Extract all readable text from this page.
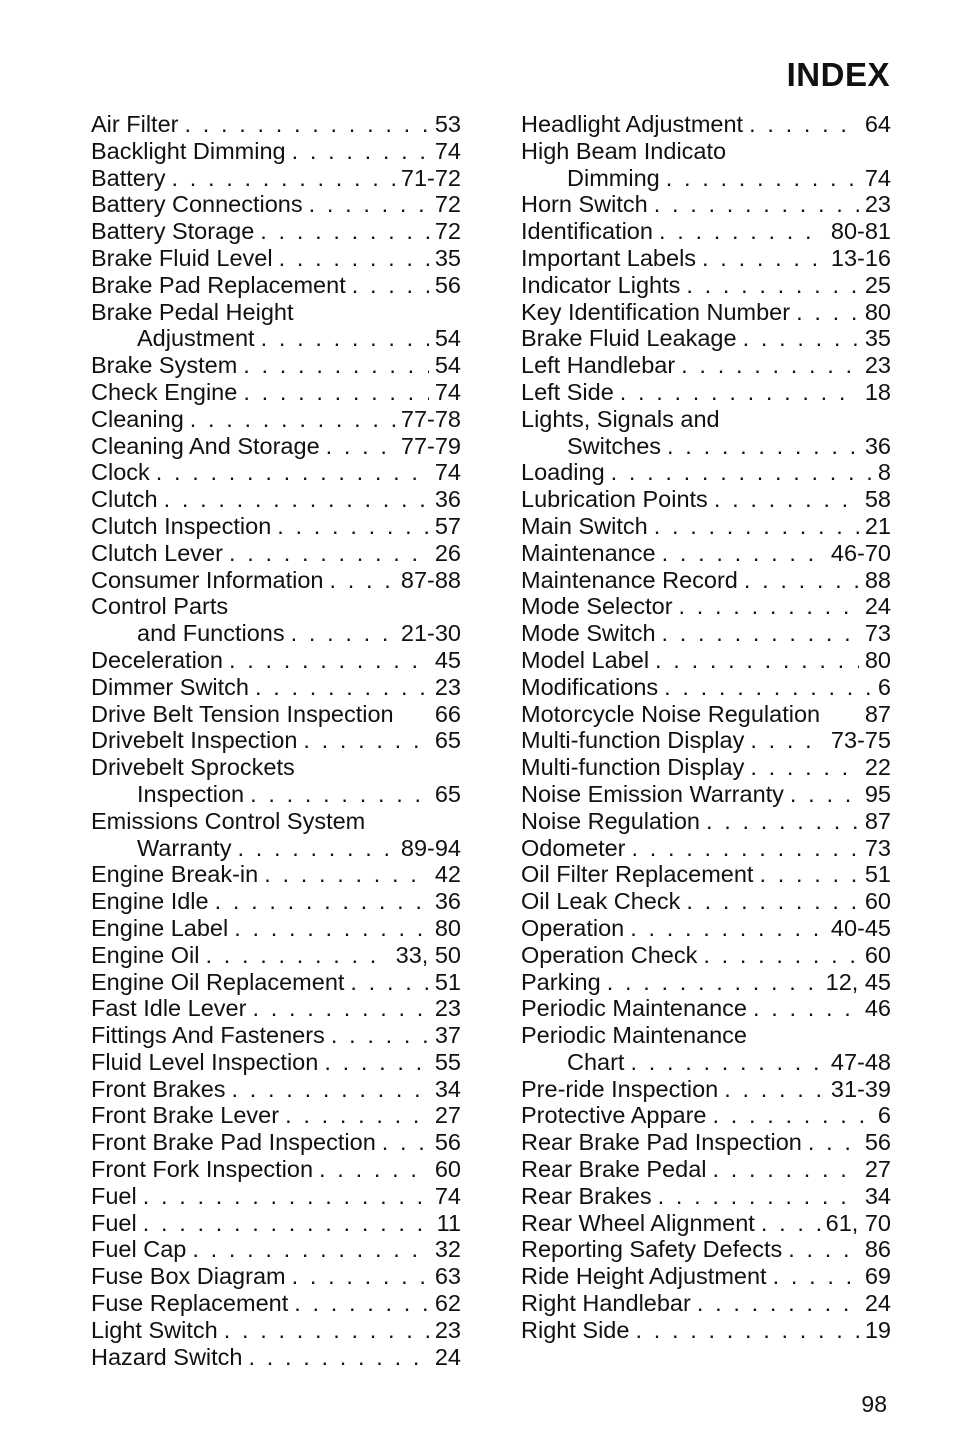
INDEX
Air Filter . . .	53
Backlight Dimming . . .	74
Battery . . .	71-72
Battery Connections . . .	72
Battery Storage . . .	72
Brake Fluid Level . . .	35
Brake Pad Replacement . . .	56
Brake Pedal Height
Adjustment . . .	54
Brake System . . .	54
Check Engine . . .	74
Cleaning . . .	77-78
Cleaning And Storage . . .	77-79
Clock . . .	74
Clutch . . .	36
Clutch Inspection . . .	57
Clutch Lever . . .	26
Consumer Information . . .	87-88
Control Parts
and Functions . . .	21-30
Deceleration . . .	45
Dimmer Switch . . .	23
Drive Belt Tension Inspection 66
Drivebelt Inspection . . .	65
Drivebelt Sprockets
Inspection . . .	65
Emissions Control System
Warranty . . .	89-94
Engine Break-in . . .	42
Engine Idle . . .	36
Engine Label . . .	80
Engine Oil . . .	33, 50
Engine Oil Replacement . . .	51
Fast Idle Lever . . .	23
Fittings And Fasteners . . .	37
Fluid Level Inspection . . .	55
Front Brakes . . .	34
Front Brake Lever . . .	27
Front Brake Pad Inspection . . .	56
Front Fork Inspection . . .	60
Fuel . . .	74
Fuel . . .	11
Fuel Cap . . .	32
Fuse Box Diagram . . .	63
Fuse Replacement . . .	62
Light Switch . . .	23
Hazard Switch . . .	24
Headlight Adjustment . . .	64
High Beam Indicato
Dimming . . .	74
Horn Switch . . .	23
Identification . . .	80-81
Important Labels . . .	13-16
Indicator Lights . . .	25
Key Identification Number . . .	80
Brake Fluid Leakage . . .	35
Left Handlebar . . .	23
Left Side . . .	18
Lights, Signals and
Switches . . .	36
Loading . . .	8
Lubrication Points . . .	58
Main Switch . . .	21
Maintenance . . .	46-70
Maintenance Record . . .	88
Mode Selector . . .	24
Mode Switch . . .	73
Model Label . . .	80
Modifications . . .	6
Motorcycle Noise Regulation 87
Multi-function Display . . .	73-75
Multi-function Display . . .	22
Noise Emission Warranty . . .	95
Noise Regulation . . .	87
Odometer . . .	73
Oil Filter Replacement . . .	51
Oil Leak Check . . .	60
Operation . . .	40-45
Operation Check . . .	60
Parking . . .	12, 45
Periodic Maintenance . . .	46
Periodic Maintenance
Chart . . .	47-48
Pre-ride Inspection . . .	31-39
Protective Appare . . .	6
Rear Brake Pad Inspection . . .	56
Rear Brake Pedal . . .	27
Rear Brakes . . .	34
Rear Wheel Alignment . . .	61, 70
Reporting Safety Defects . . .	86
Ride Height Adjustment . . .	69
Right Handlebar . . .	24
Right Side . . .	19
98
